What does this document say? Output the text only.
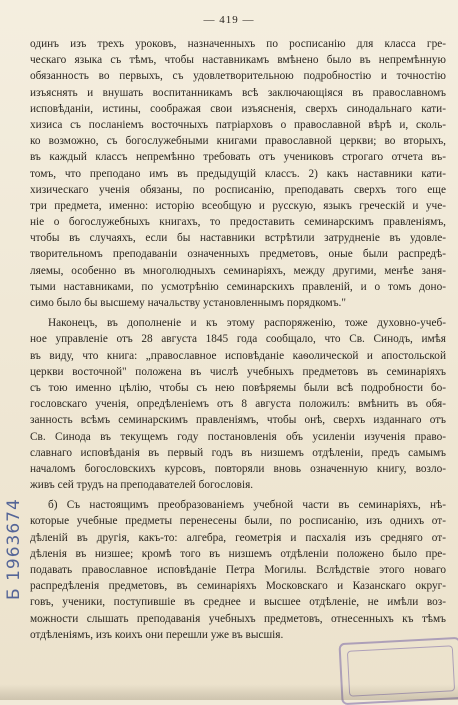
— 419 —
одинъ изъ трехъ уроковъ, назначенныхъ по росписанію для класса гре-
ческаго языка съ тѣмъ, чтобы наставникамъ вмѣнено было въ непремѣнную
обязанность во первыхъ, съ удовлетворительною подробностію и точностію
изъяснять и внушать воспитанникамъ всѣ заключающіяся въ православномъ
исповѣданіи, истины, соображая свои изъясненія, сверхъ синодальнаго кати-
хизиса съ посланіемъ восточныхъ патріарховъ о православной вѣрѣ и, сколь-
ко возможно, съ богослужебными книгами православной церкви; во вторыхъ,
въ каждый классъ непремѣнно требовать отъ учениковъ строгаго отчета въ-
томъ, что преподано имъ въ предыдущій классъ. 2) какъ наставники кати-
хизическаго ученія обязаны, по росписанію, преподавать сверхъ того еще
три предмета, именно: исторію всеобщую и русскую, языкъ греческій и уче-
ніе о богослужебныхъ книгахъ, то предоставить семинарскимъ правленіямъ,
чтобы въ случаяхъ, если бы наставники встрѣтили затрудненіе въ удовле-
творительномъ преподаваніи означенныхъ предметовъ, оные были распредѣ-
ляемы, особенно въ многолюдныхъ семинаріяхъ, между другими, менѣе заня-
тыми наставниками, по усмотрѣнію семинарскихъ правленій, и о томъ доно-
симо было бы высшему начальству установленнымъ порядкомъ."
Наконецъ, въ дополненіе и къ этому распоряженію, тоже духовно-учеб-
ное управленіе отъ 28 августа 1845 года сообщало, что Св. Синодъ, имѣя
въ виду, что книга: „православное исповѣданіе каѳолической и апостольской
церкви восточной" положена въ числѣ учебныхъ предметовъ въ семинаріяхъ
съ тою именно цѣлію, чтобы съ нею повѣряемы были всѣ подробности бо-
гословскаго ученія, опредѣленіемъ отъ 8 августа положилъ: вмѣнить въ обя-
занность всѣмъ семинарскимъ правленіямъ, чтобы онѣ, сверхъ изданнаго отъ
Св. Синода въ текущемъ году постановленія объ усиленіи изученія право-
славнаго исповѣданія въ первый годъ въ низшемъ отдѣленіи, предъ самымъ
началомъ богословскихъ курсовъ, повторяли вновь означенную книгу, возло-
живъ сей трудъ на преподавателей богословія.
б) Съ настоящимъ преобразованіемъ учебной части въ семинаріяхъ, нѣ-
которые учебные предметы перенесены были, по росписанію, изъ однихъ от-
дѣленій въ другія, какъ-то: алгебра, геометрія и пасхалія изъ средняго от-
дѣленія въ низшее; кромѣ того въ низшемъ отдѣленіи положено было пре-
подавать православное исповѣданіе Петра Могилы. Вслѣдствіе этого новаго
распредѣленія предметовъ, въ семинаріяхъ Московскаго и Казанскаго округ-
говъ, ученики, поступившіе въ среднее и высшее отдѣленіе, не имѣли воз-
можности слышать преподаванія учебныхъ предметовъ, отнесенныхъ къ тѣмъ
отдѣленіямъ, изъ коихъ они перешли уже въ высшія.
Б 1963674
